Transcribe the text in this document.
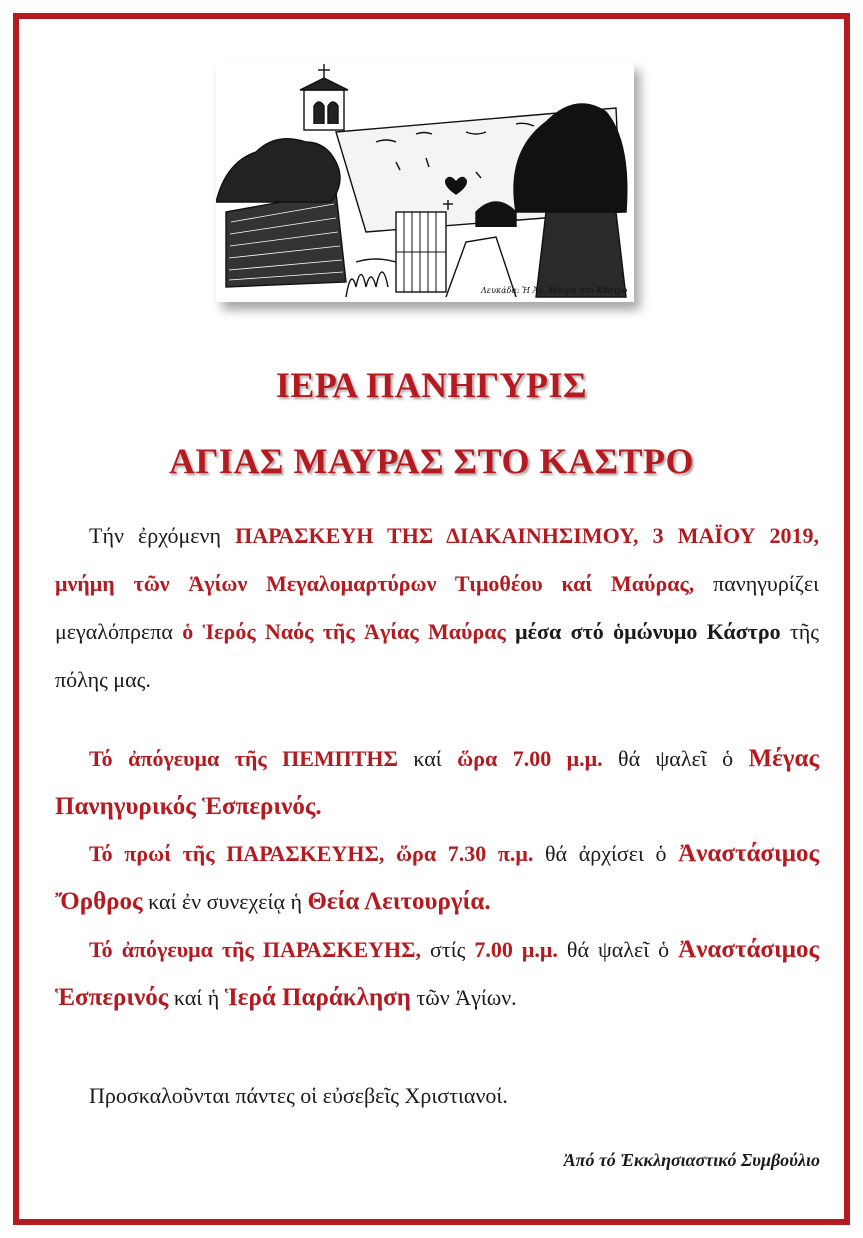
Λευκάδα: Ἡ Ἁγ. Μαύρα στο Κάστρο
ΙΕΡΑ ΠΑΝΗΓΥΡΙΣ
ΑΓΙΑΣ ΜΑΥΡΑΣ ΣΤΟ ΚΑΣΤΡΟ

Τήν ἐρχόμενη ΠΑΡΑΣΚΕΥΗ ΤΗΣ ΔΙΑΚΑΙΝΗΣΙΜΟΥ, 3 ΜΑΪΟΥ 2019, μνήμη τῶν Ἁγίων Μεγαλομαρτύρων Τιμοθέου καί Μαύρας, πανηγυρίζει μεγαλόπρεπα ὁ Ἱερός Ναός τῆς Ἁγίας Μαύρας μέσα στό ὁμώνυμο Κάστρο τῆς πόλης μας.

Τό ἀπόγευμα τῆς ΠΕΜΠΤΗΣ καί ὥρα 7.00 μ.μ. θά ψαλεῖ ὁ Μέγας Πανηγυρικός Ἑσπερινός.

Τό πρωί τῆς ΠΑΡΑΣΚΕΥΗΣ, ὥρα 7.30 π.μ. θά ἀρχίσει ὁ Ἀναστάσιμος Ὄρθρος καί ἐν συνεχείᾳ ἡ Θεία Λειτουργία.

Τό ἀπόγευμα τῆς ΠΑΡΑΣΚΕΥΗΣ, στίς 7.00 μ.μ. θά ψαλεῖ ὁ Ἀναστάσιμος Ἑσπερινός καί ἡ Ἱερά Παράκληση τῶν Ἁγίων.

Προσκαλοῦνται πάντες οἱ εὐσεβεῖς Χριστιανοί.

Ἀπό τό Ἐκκλησιαστικό Συμβούλιο
